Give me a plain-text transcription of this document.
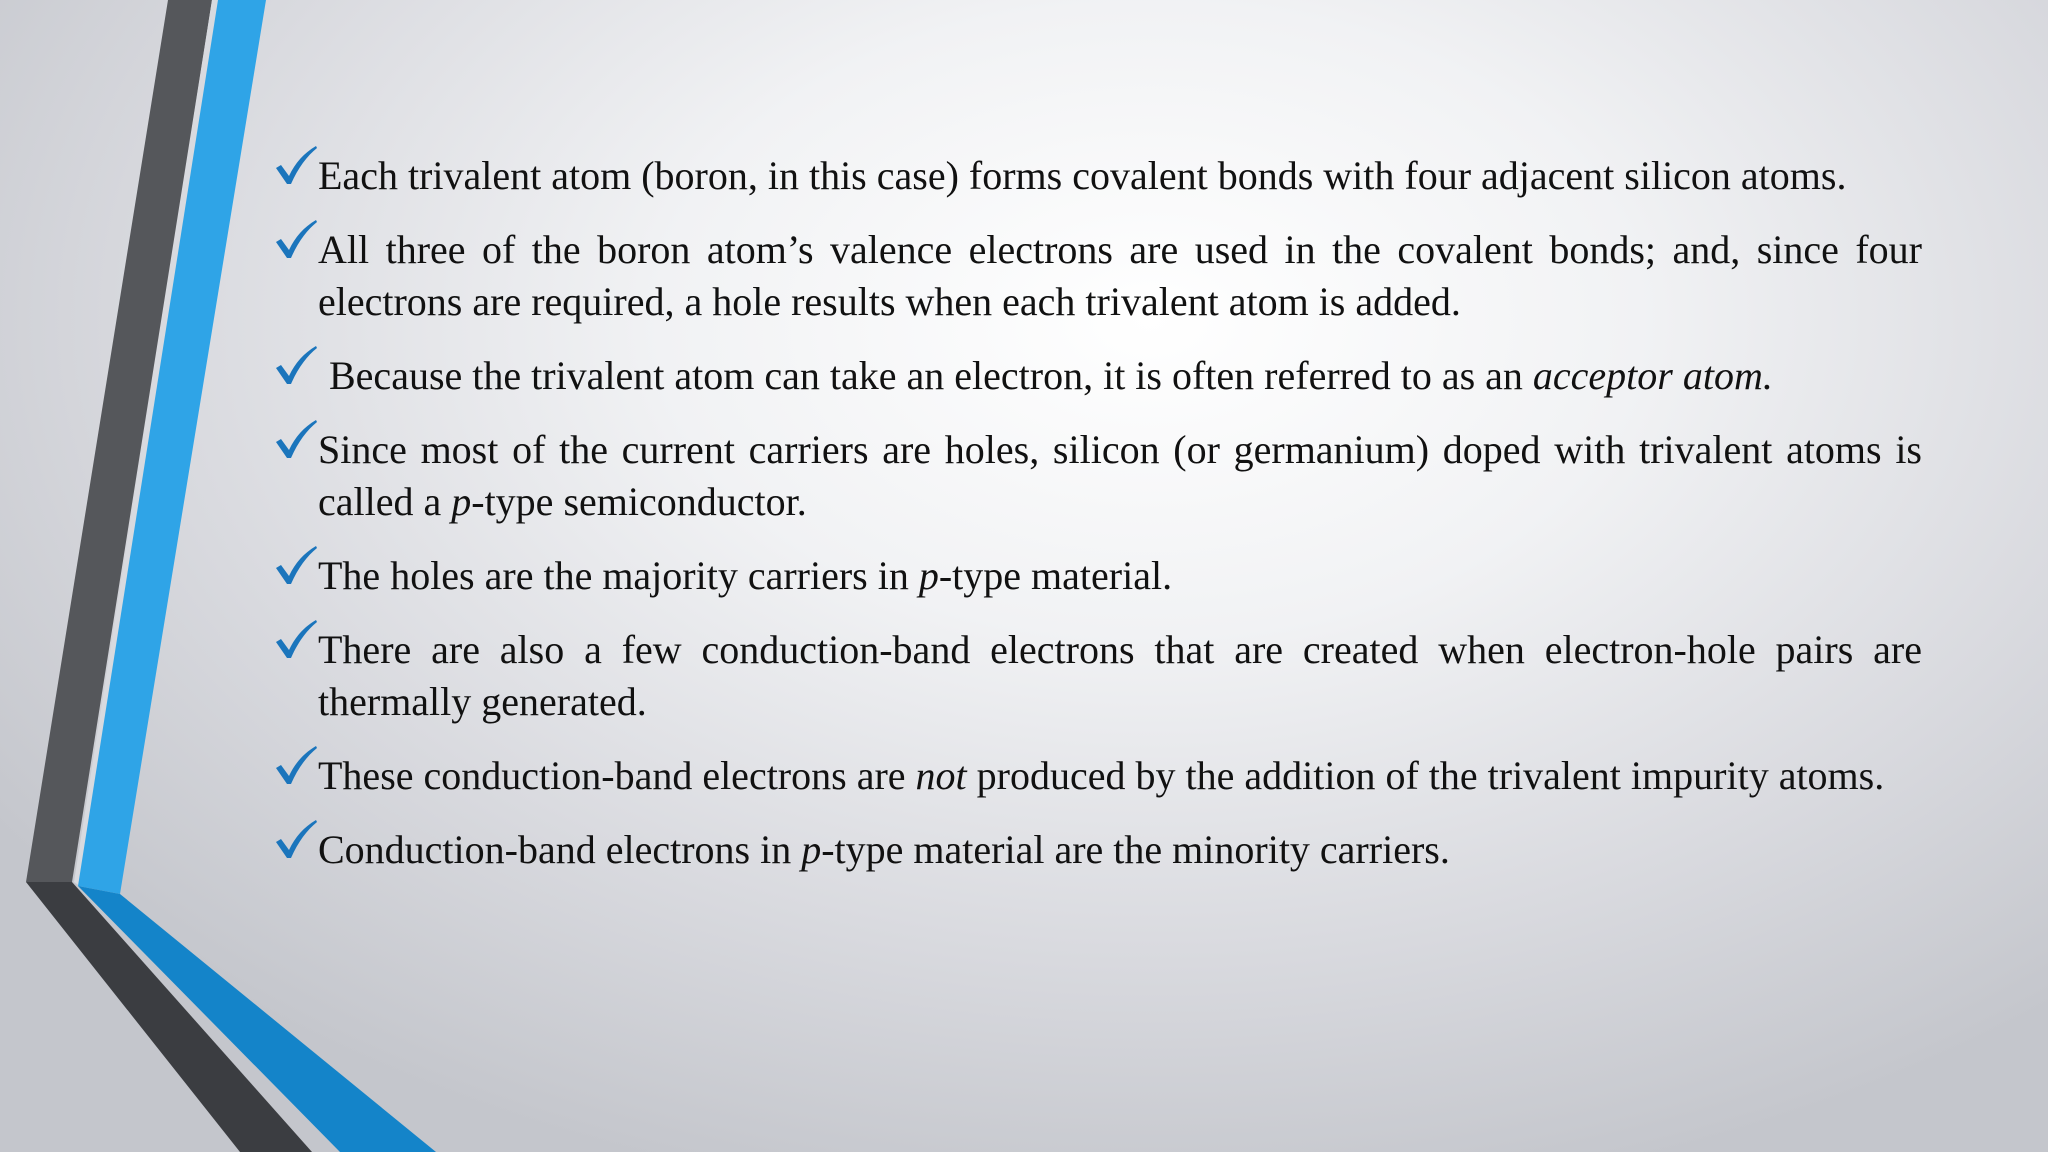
Each trivalent atom (boron, in this case) forms covalent bonds with four adjacent silicon atoms.
All three of the boron atom’s valence electrons are used in the covalent bonds; and, since four electrons are required, a hole results when each trivalent atom is added.
Because the trivalent atom can take an electron, it is often referred to as an acceptor atom.
Since most of the current carriers are holes, silicon (or germanium) doped with trivalent atoms is called a p-type semiconductor.
The holes are the majority carriers in p-type material.
There are also a few conduction-band electrons that are created when electron-hole pairs are thermally generated.
These conduction-band electrons are not produced by the addition of the trivalent impurity atoms.
Conduction-band electrons in p-type material are the minority carriers.
